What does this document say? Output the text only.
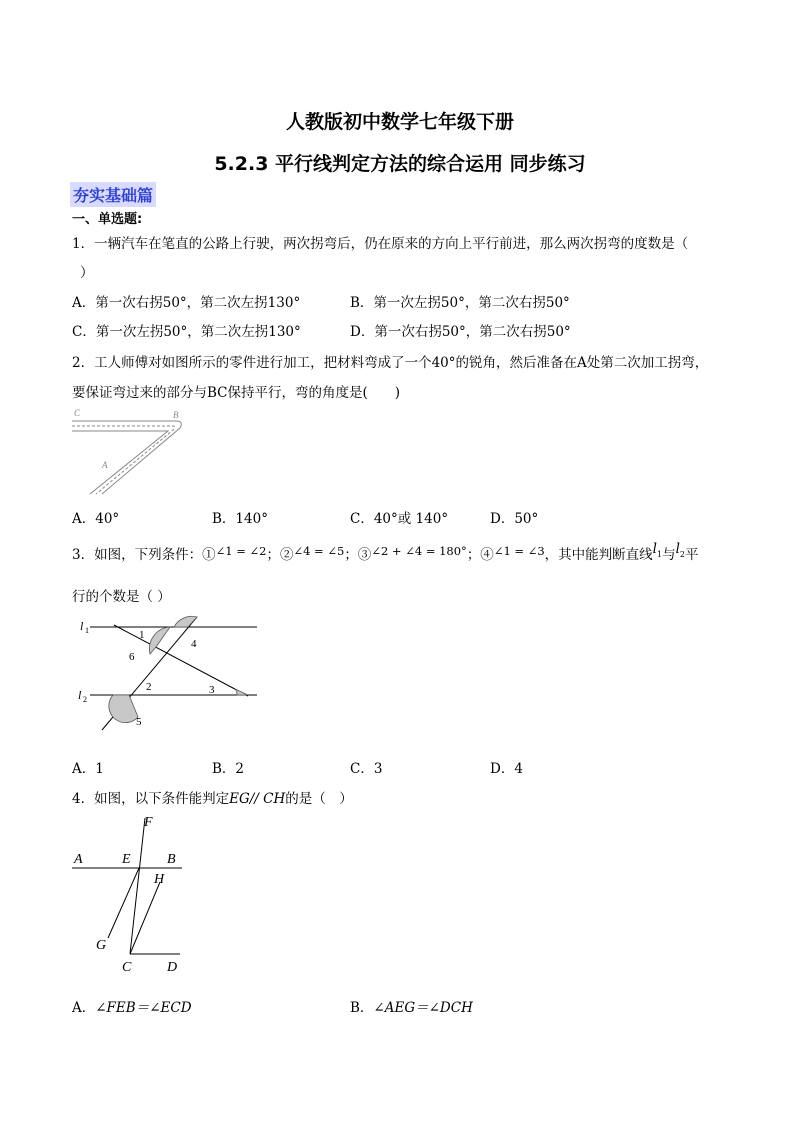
人教版初中数学七年级下册
5.2.3 平行线判定方法的综合运用 同步练习
夯实基础篇
一、单选题:
1．一辆汽车在笔直的公路上行驶，两次拐弯后，仍在原来的方向上平行前进，那么两次拐弯的度数是（
）
A．第一次右拐50°，第二次左拐130°	B．第一次左拐50°，第二次右拐50°
C．第一次左拐50°，第二次左拐130°	D．第一次右拐50°，第二次右拐50°
2．工人师傅对如图所示的零件进行加工，把材料弯成了一个40°的锐角，然后准备在A处第二次加工拐弯，
要保证弯过来的部分与BC保持平行，弯的角度是(　　)
C	B
A
A．40°	B．140°	C．40°或 140°	D．50°
3．如图，下列条件：①∠1 = ∠2；②∠4 = ∠5；③∠2 + ∠4 = 180°；④∠1 = ∠3，其中能判断直线$l_1$与$l_2$平
行的个数是（ ）
l 1
l 2
1
2	3
4
5
6
A．1	B．2	C．3	D．4
4．如图，以下条件能判定EG// CH的是（　）
F
A	E	B
H
G
C	D
A．∠FEB＝∠ECD	B．∠AEG＝∠DCH
